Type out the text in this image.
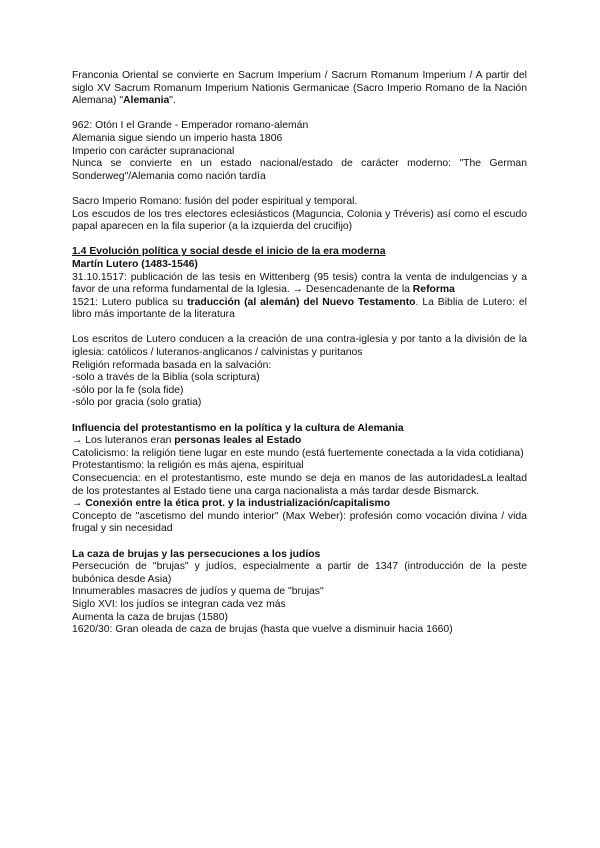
Franconia Oriental se convierte en Sacrum Imperium / Sacrum Romanum Imperium / A partir del siglo XV Sacrum Romanum Imperium Nationis Germanicae (Sacro Imperio Romano de la Nación Alemana) "Alemania".

962: Otón I el Grande - Emperador romano-alemán

Alemania sigue siendo un imperio hasta 1806

Imperio con carácter supranacional

Nunca se convierte en un estado nacional/estado de carácter moderno: "The German Sonderweg"/Alemania como nación tardía

Sacro Imperio Romano: fusión del poder espiritual y temporal.

Los escudos de los tres electores eclesiásticos (Maguncia, Colonia y Tréveris) así como el escudo papal aparecen en la fila superior (a la izquierda del crucifijo)

1.4 Evolución política y social desde el inicio de la era moderna

Martín Lutero (1483-1546)

31.10.1517: publicación de las tesis en Wittenberg (95 tesis) contra la venta de indulgencias y a favor de una reforma fundamental de la Iglesia. → Desencadenante de la Reforma

1521: Lutero publica su traducción (al alemán) del Nuevo Testamento. La Biblia de Lutero: el libro más importante de la literatura

Los escritos de Lutero conducen a la creación de una contra-iglesia y por tanto a la división de la iglesia: católicos / luteranos-anglicanos / calvinistas y puritanos

Religión reformada basada en la salvación:

-solo a través de la Biblia (sola scriptura)

-sólo por la fe (sola fide)

-sólo por gracia (solo gratia)

Influencia del protestantismo en la política y la cultura de Alemania

→ Los luteranos eran personas leales al Estado

Catolicismo: la religión tiene lugar en este mundo (está fuertemente conectada a la vida cotidiana)

Protestantismo: la religión es más ajena, espiritual

Consecuencia: en el protestantismo, este mundo se deja en manos de las autoridadesLa lealtad de los protestantes al Estado tiene una carga nacionalista a más tardar desde Bismarck.

→ Conexión entre la ética prot. y la industrialización/capitalismo

Concepto de "ascetismo del mundo interior" (Max Weber): profesión como vocación divina / vida frugal y sin necesidad

La caza de brujas y las persecuciones a los judíos

Persecución de "brujas" y judíos, especialmente a partir de 1347 (introducción de la peste bubónica desde Asia)

Innumerables masacres de judíos y quema de "brujas"

Siglo XVI: los judíos se integran cada vez más

Aumenta la caza de brujas (1580)

1620/30: Gran oleada de caza de brujas (hasta que vuelve a disminuir hacia 1660)
